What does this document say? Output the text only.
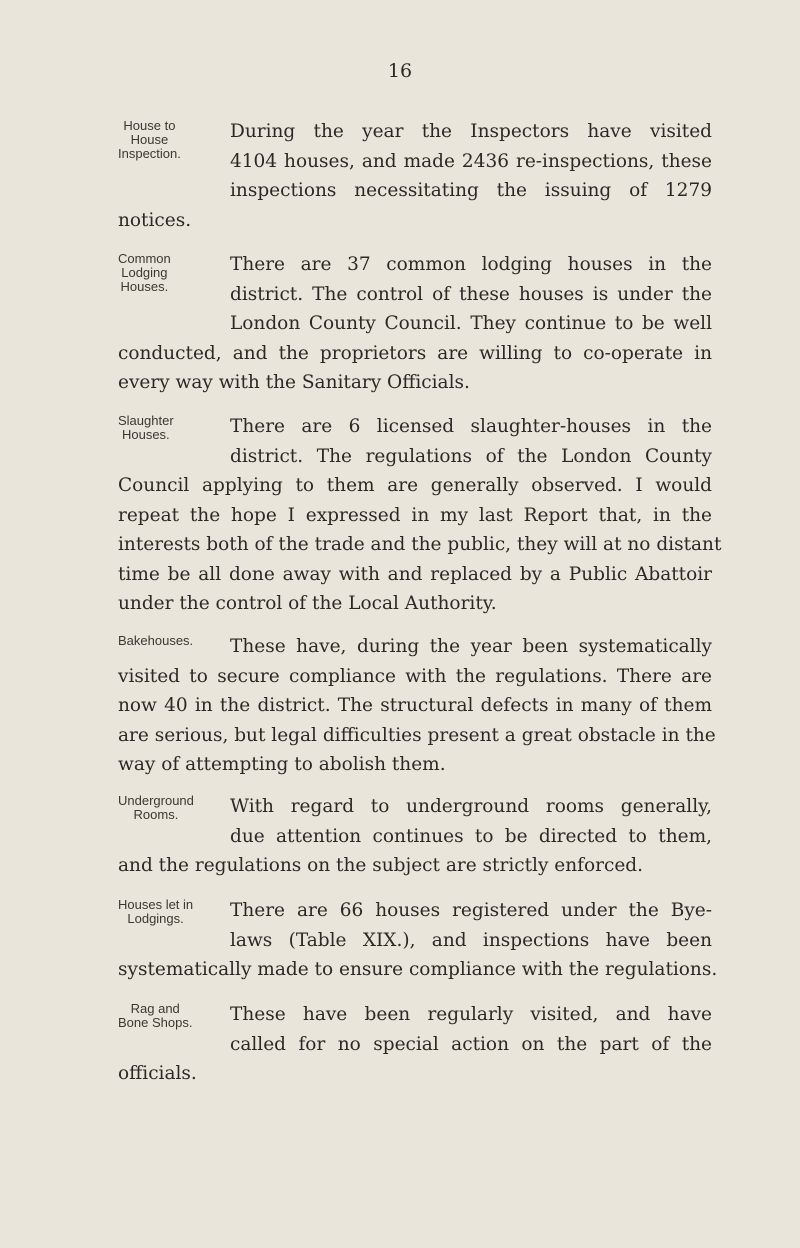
16
House to
House
Inspection.
During the year the Inspectors have visited
4104 houses, and made 2436 re-inspections, these
inspections necessitating the issuing of 1279
notices.
Common
Lodging
Houses.
There are 37 common lodging houses in the
district. The control of these houses is under the
London County Council. They continue to be well
conducted, and the proprietors are willing to co-operate in
every way with the Sanitary Officials.
Slaughter
Houses.	There are 6 licensed slaughter-houses in the
district. The regulations of the London County
Council applying to them are generally observed. I would
repeat the hope I expressed in my last Report that, in the
interests both of the trade and the public, they will at no distant
time be all done away with and replaced by a Public Abattoir
under the control of the Local Authority.
Bakehouses. These have, during the year been systematically
visited to secure compliance with the regulations. There are
now 40 in the district. The structural defects in many of them
are serious, but legal difficulties present a great obstacle in the
way of attempting to abolish them.
Underground
Rooms.	With regard to underground rooms generally,
due attention continues to be directed to them,
and the regulations on the subject are strictly enforced.
Houses let in
Lodgings.	There are 66 houses registered under the Bye-
laws (Table XIX.), and inspections have been
systematically made to ensure compliance with the regulations.
Rag and
Bone Shops. These have been regularly visited, and have
called for no special action on the part of the
officials.
